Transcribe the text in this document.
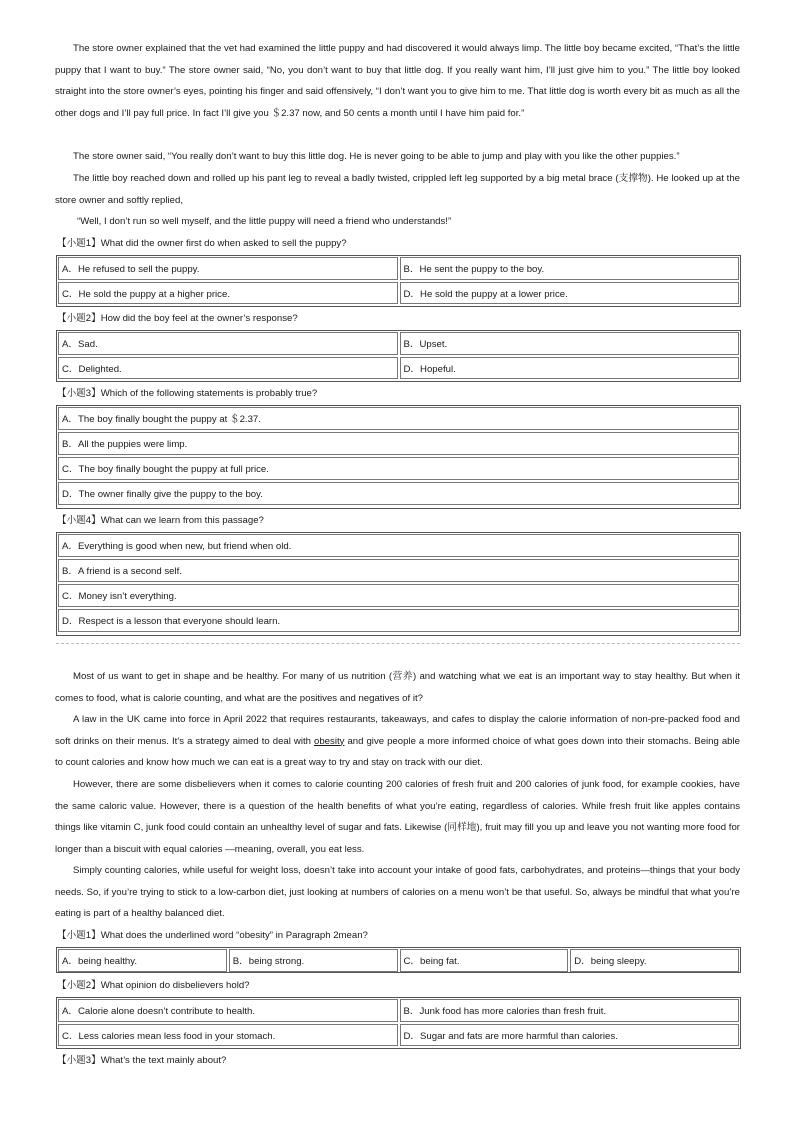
The store owner explained that the vet had examined the little puppy and had discovered it would always limp. The little boy became excited, “That’s the little puppy that I want to buy.” The store owner said, “No, you don’t want to buy that little dog. If you really want him, I’ll just give him to you.” The little boy looked straight into the store owner’s eyes, pointing his finger and said offensively, “I don’t want you to give him to me. That little dog is worth every bit as much as all the other dogs and I’ll pay full price. In fact I’ll give you ＄2.37 now, and 50 cents a month until I have him paid for.”

The store owner said, “You really don’t want to buy this little dog. He is never going to be able to jump and play with you like the other puppies.”

The little boy reached down and rolled up his pant leg to reveal a badly twisted, crippled left leg supported by a big metal brace (支撑物). He looked up at the store owner and softly replied,

“Well, I don’t run so well myself, and the little puppy will need a friend who understands!”

【小题1】What did the owner first do when asked to sell the puppy?

A．He refused to sell the puppy.	B．He sent the puppy to the boy.
C．He sold the puppy at a higher price.	D．He sold the puppy at a lower price.

【小题2】How did the boy feel at the owner’s response?

A．Sad.	B．Upset.
C．Delighted.	D．Hopeful.

【小题3】Which of the following statements is probably true?

A．The boy finally bought the puppy at ＄2.37.
B．All the puppies were limp.
C．The boy finally bought the puppy at full price.
D．The owner finally give the puppy to the boy.

【小题4】What can we learn from this passage?

A．Everything is good when new, but friend when old.
B．A friend is a second self.
C．Money isn’t everything.
D．Respect is a lesson that everyone should learn.

Most of us want to get in shape and be healthy. For many of us nutrition (营养) and watching what we eat is an important way to stay healthy. But when it comes to food, what is calorie counting, and what are the positives and negatives of it?

A law in the UK came into force in April 2022 that requires restaurants, takeaways, and cafes to display the calorie information of non-pre-packed food and soft drinks on their menus. It’s a strategy aimed to deal with obesity and give people a more informed choice of what goes down into their stomachs. Being able to count calories and know how much we can eat is a great way to try and stay on track with our diet.

However, there are some disbelievers when it comes to calorie counting 200 calories of fresh fruit and 200 calories of junk food, for example cookies, have the same caloric value. However, there is a question of the health benefits of what you’re eating, regardless of calories. While fresh fruit like apples contains things like vitamin C, junk food could contain an unhealthy level of sugar and fats. Likewise (同样地), fruit may fill you up and leave you not wanting more food for longer than a biscuit with equal calories —meaning, overall, you eat less.

Simply counting calories, while useful for weight loss, doesn’t take into account your intake of good fats, carbohydrates, and proteins—things that your body needs. So, if you’re trying to stick to a low-carbon diet, just looking at numbers of calories on a menu won’t be that useful. So, always be mindful that what you’re eating is part of a healthy balanced diet.

【小题1】What does the underlined word “obesity” in Paragraph 2mean?

A．being healthy.	B．being strong.	C．being fat.	D．being sleepy.

【小题2】What opinion do disbelievers hold?

A．Calorie alone doesn’t contribute to health.	B．Junk food has more calories than fresh fruit.
C．Less calories mean less food in your stomach.	D．Sugar and fats are more harmful than calories.

【小题3】What’s the text mainly about?
